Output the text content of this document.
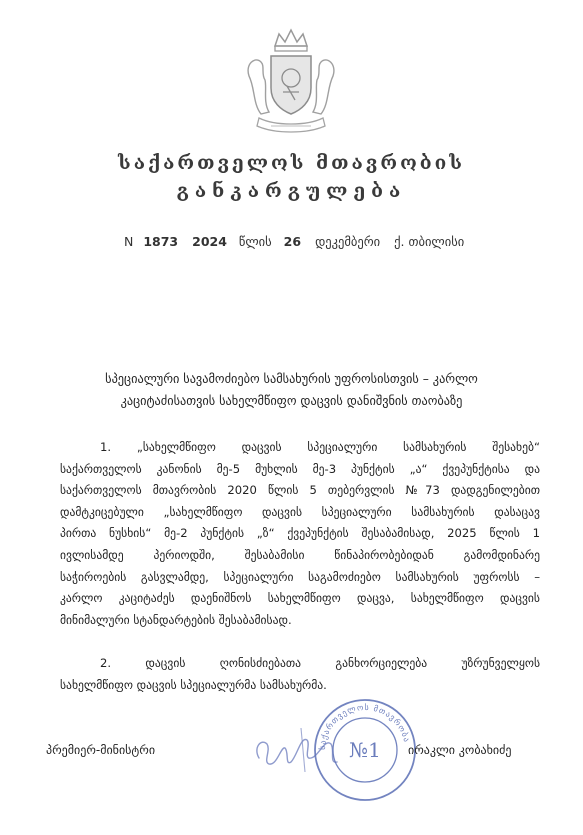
საქართველოს მთავრობის
განკარგულება
N 1873 2024 წლის 26 დეკემბერი ქ. თბილისი
სპეციალური სავამოძიებო სამსახურის უფროსისთვის – კარლო
კაციტაძისათვის სახელმწიფო დაცვის დანიშვნის თაობაზე
1. „სახელმწიფო დაცვის სპეციალური სამსახურის შესახებ“
საქართველოს კანონის მე-5 მუხლის მე-3 პუნქტის „ა“ ქვეპუნქტისა და
საქართველოს მთავრობის 2020 წლის 5 თებერვლის №73 დადგენილებით
დამტკიცებული „სახელმწიფო დაცვის სპეციალური სამსახურის დასაცავ
პირთა ნუსხის“ მე-2 პუნქტის „ზ“ ქვეპუნქტის შესაბამისად, 2025 წლის 1
ივლისამდე პერიოდში, შესაბამისი წინაპირობებიდან გამომდინარე
საჭიროების გასვლამდე, სპეციალური საგამოძიებო სამსახურის უფროსს –
კარლო კაციტაძეს დაენიშნოს სახელმწიფო დაცვა, სახელმწიფო დაცვის
მინიმალური სტანდარტების შესაბამისად.
2. დაცვის ღონისძიებათა განხორციელება უზრუნველყოს
სახელმწიფო დაცვის სპეციალურმა სამსახურმა.
პრემიერ-მინისტრი	საქართველოს მთავრობა
№1 ირაკლი კობახიძე
